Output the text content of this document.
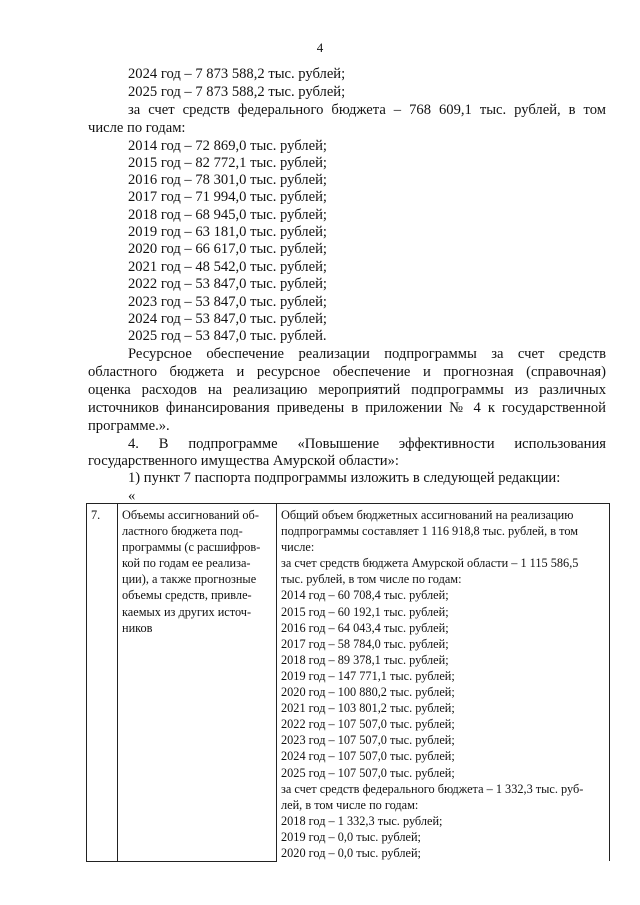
4
2024 год – 7 873 588,2 тыс. рублей;
2025 год – 7 873 588,2 тыс. рублей;
за счет средств федерального бюджета – 768 609,1 тыс. рублей, в том
числе по годам:
2014 год – 72 869,0 тыс. рублей;
2015 год – 82 772,1 тыс. рублей;
2016 год – 78 301,0 тыс. рублей;
2017 год – 71 994,0 тыс. рублей;
2018 год – 68 945,0 тыс. рублей;
2019 год – 63 181,0 тыс. рублей;
2020 год – 66 617,0 тыс. рублей;
2021 год – 48 542,0 тыс. рублей;
2022 год – 53 847,0 тыс. рублей;
2023 год – 53 847,0 тыс. рублей;
2024 год – 53 847,0 тыс. рублей;
2025 год – 53 847,0 тыс. рублей.
Ресурсное обеспечение реализации подпрограммы за счет средств
областного бюджета и ресурсное обеспечение и прогнозная (справочная)
оценка расходов на реализацию мероприятий подпрограммы из различных
источников финансирования приведены в приложении № 4 к государственной
программе.».
4. В подпрограмме «Повышение эффективности использования
государственного имущества Амурской области»:
1) пункт 7 паспорта подпрограммы изложить в следующей редакции:
«
7.	Объемы ассигнований об-
ластного бюджета под-
программы (с расшифров-
кой по годам ее реализа-
ции), а также прогнозные
объемы средств, привле-
каемых из других источ-
ников

Общий объем бюджетных ассигнований на реализацию
подпрограммы составляет 1 116 918,8 тыс. рублей, в том
числе:
за счет средств бюджета Амурской области – 1 115 586,5
тыс. рублей, в том числе по годам:
2014 год – 60 708,4 тыс. рублей;
2015 год – 60 192,1 тыс. рублей;
2016 год – 64 043,4 тыс. рублей;
2017 год – 58 784,0 тыс. рублей;
2018 год – 89 378,1 тыс. рублей;
2019 год – 147 771,1 тыс. рублей;
2020 год – 100 880,2 тыс. рублей;
2021 год – 103 801,2 тыс. рублей;
2022 год – 107 507,0 тыс. рублей;
2023 год – 107 507,0 тыс. рублей;
2024 год – 107 507,0 тыс. рублей;
2025 год – 107 507,0 тыс. рублей;
за счет средств федерального бюджета – 1 332,3 тыс. руб-
лей, в том числе по годам:
2018 год – 1 332,3 тыс. рублей;
2019 год – 0,0 тыс. рублей;
2020 год – 0,0 тыс. рублей;
